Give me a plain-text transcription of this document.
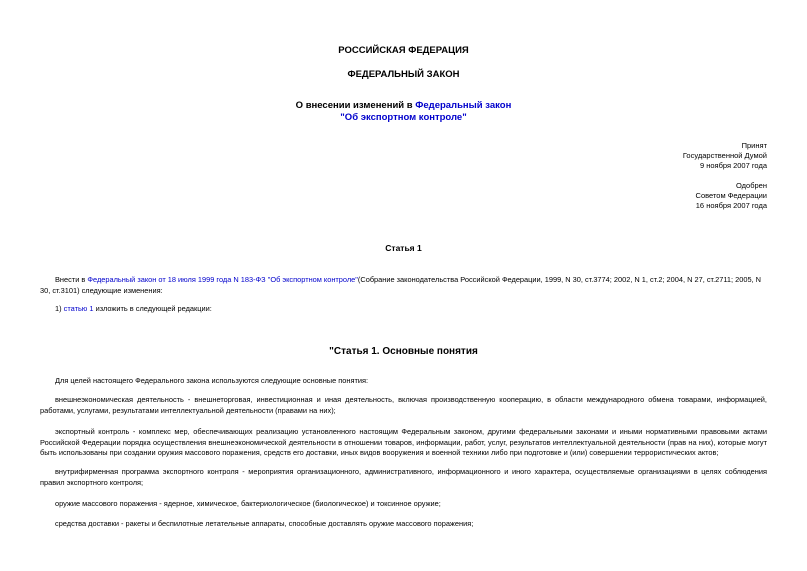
РОССИЙСКАЯ ФЕДЕРАЦИЯ
ФЕДЕРАЛЬНЫЙ ЗАКОН
О внесении изменений в Федеральный закон
"Об экспортном контроле"
Принят
Государственной Думой
9 ноября 2007 года
Одобрен
Советом Федерации
16 ноября 2007 года
Статья 1
Внести в Федеральный закон от 18 июля 1999 года N 183-ФЗ "Об экспортном контроле"(Собрание законодательства Российской Федерации, 1999, N 30, ст.3774; 2002, N 1, ст.2; 2004, N 27, ст.2711; 2005, N 30, ст.3101) следующие изменения:
1) статью 1 изложить в следующей редакции:
"Статья 1. Основные понятия
Для целей настоящего Федерального закона используются следующие основные понятия:
внешнеэкономическая деятельность - внешнеторговая, инвестиционная и иная деятельность, включая производственную кооперацию, в области международного обмена товарами, информацией, работами, услугами, результатами интеллектуальной деятельности (правами на них);
экспортный контроль - комплекс мер, обеспечивающих реализацию установленного настоящим Федеральным законом, другими федеральными законами и иными нормативными правовыми актами Российской Федерации порядка осуществления внешнеэкономической деятельности в отношении товаров, информации, работ, услуг, результатов интеллектуальной деятельности (прав на них), которые могут быть использованы при создании оружия массового поражения, средств его доставки, иных видов вооружения и военной техники либо при подготовке и (или) совершении террористических актов;
внутрифирменная программа экспортного контроля - мероприятия организационного, административного, информационного и иного характера, осуществляемые организациями в целях соблюдения правил экспортного контроля;
оружие массового поражения - ядерное, химическое, бактериологическое (биологическое) и токсинное оружие;
средства доставки - ракеты и беспилотные летательные аппараты, способные доставлять оружие массового поражения;
